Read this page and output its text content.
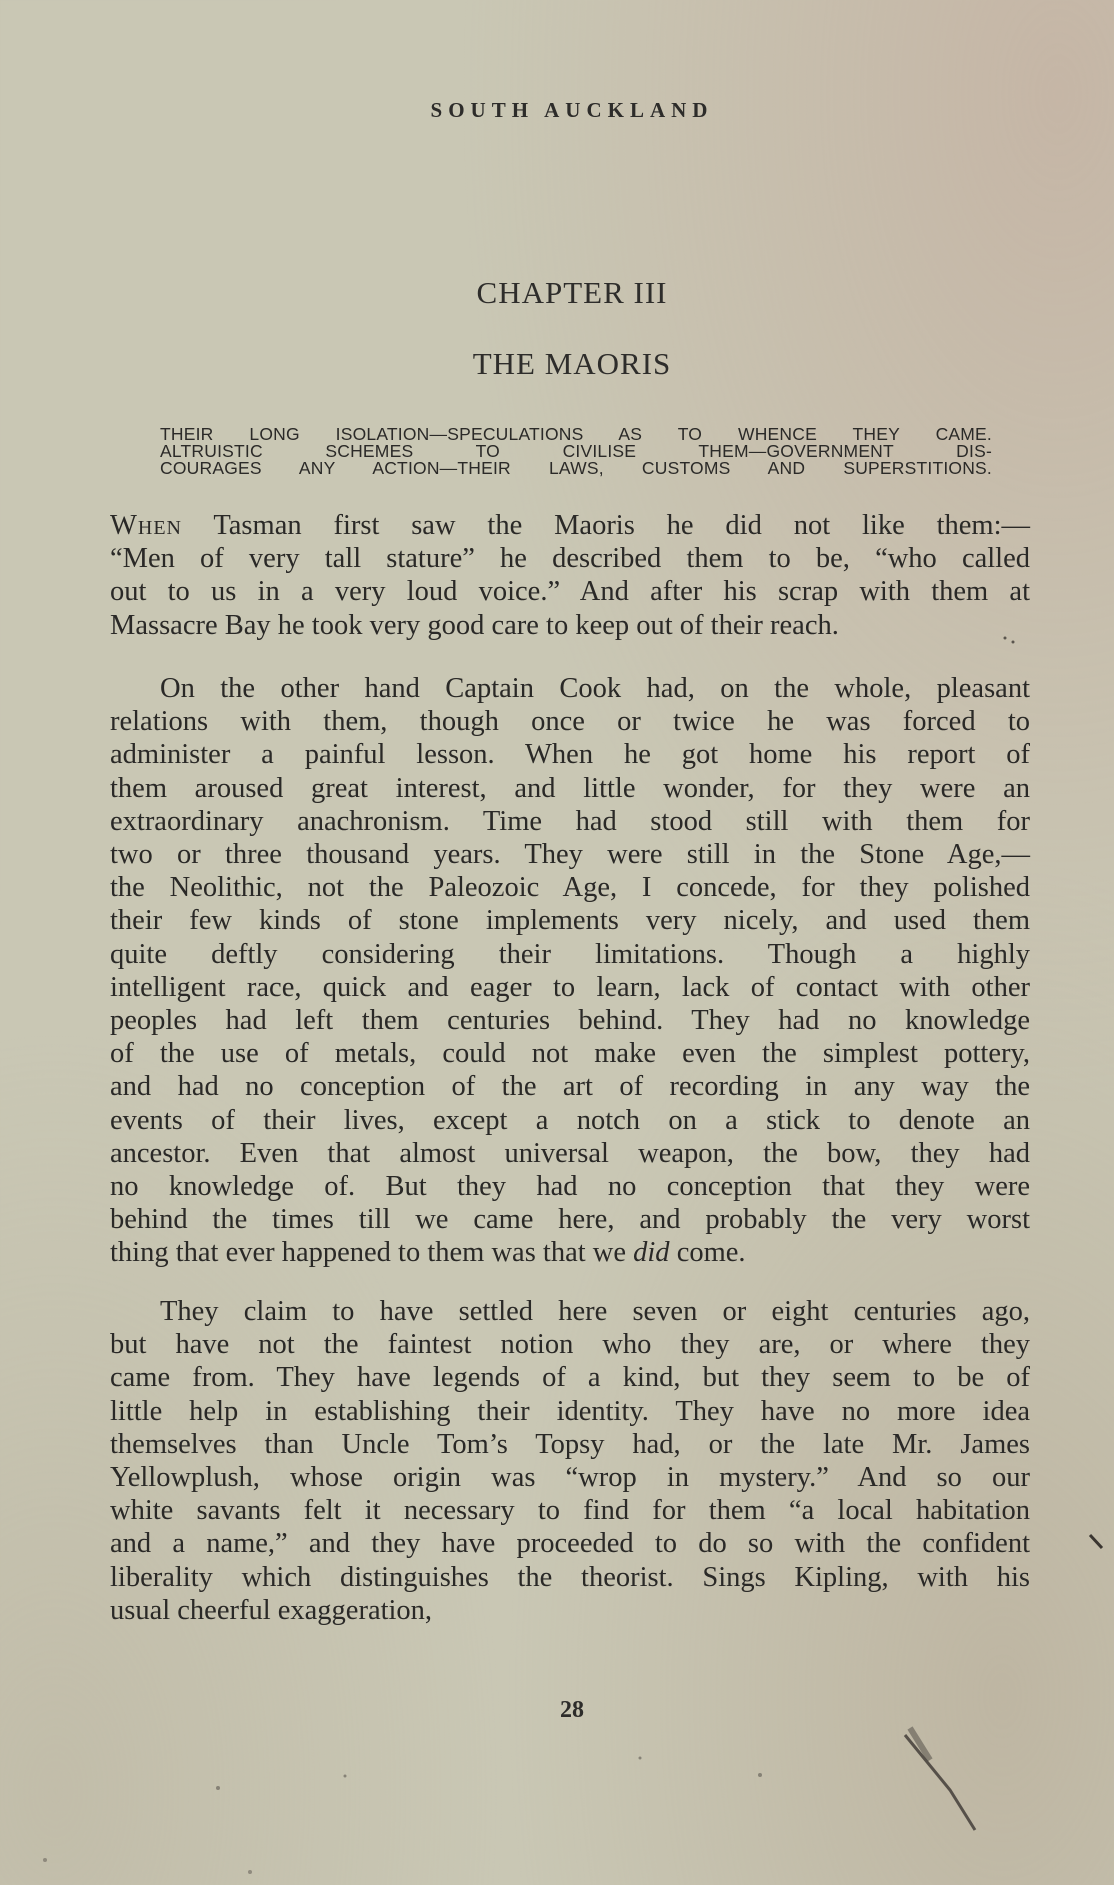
SOUTH AUCKLAND
CHAPTER III
THE MAORIS
THEIR LONG ISOLATION—SPECULATIONS AS TO WHENCE THEY CAME.
ALTRUISTIC SCHEMES TO CIVILISE THEM—GOVERNMENT DIS-
COURAGES ANY ACTION—THEIR LAWS, CUSTOMS AND SUPERSTITIONS.
When Tasman first saw the Maoris he did not like them:—
“Men of very tall stature” he described them to be, “who called
out to us in a very loud voice.” And after his scrap with them at
Massacre Bay he took very good care to keep out of their reach.
On the other hand Captain Cook had, on the whole, pleasant
relations with them, though once or twice he was forced to
administer a painful lesson. When he got home his report of
them aroused great interest, and little wonder, for they were an
extraordinary anachronism. Time had stood still with them for
two or three thousand years. They were still in the Stone Age,—
the Neolithic, not the Paleozoic Age, I concede, for they polished
their few kinds of stone implements very nicely, and used them
quite deftly considering their limitations. Though a highly
intelligent race, quick and eager to learn, lack of contact with other
peoples had left them centuries behind. They had no knowledge
of the use of metals, could not make even the simplest pottery,
and had no conception of the art of recording in any way the
events of their lives, except a notch on a stick to denote an
ancestor. Even that almost universal weapon, the bow, they had
no knowledge of. But they had no conception that they were
behind the times till we came here, and probably the very worst
thing that ever happened to them was that we did come.
They claim to have settled here seven or eight centuries ago,
but have not the faintest notion who they are, or where they
came from. They have legends of a kind, but they seem to be of
little help in establishing their identity. They have no more idea
themselves than Uncle Tom’s Topsy had, or the late Mr. James
Yellowplush, whose origin was “wrop in mystery.” And so our
white savants felt it necessary to find for them “a local habitation
and a name,” and they have proceeded to do so with the confident
liberality which distinguishes the theorist. Sings Kipling, with his
usual cheerful exaggeration,
28
